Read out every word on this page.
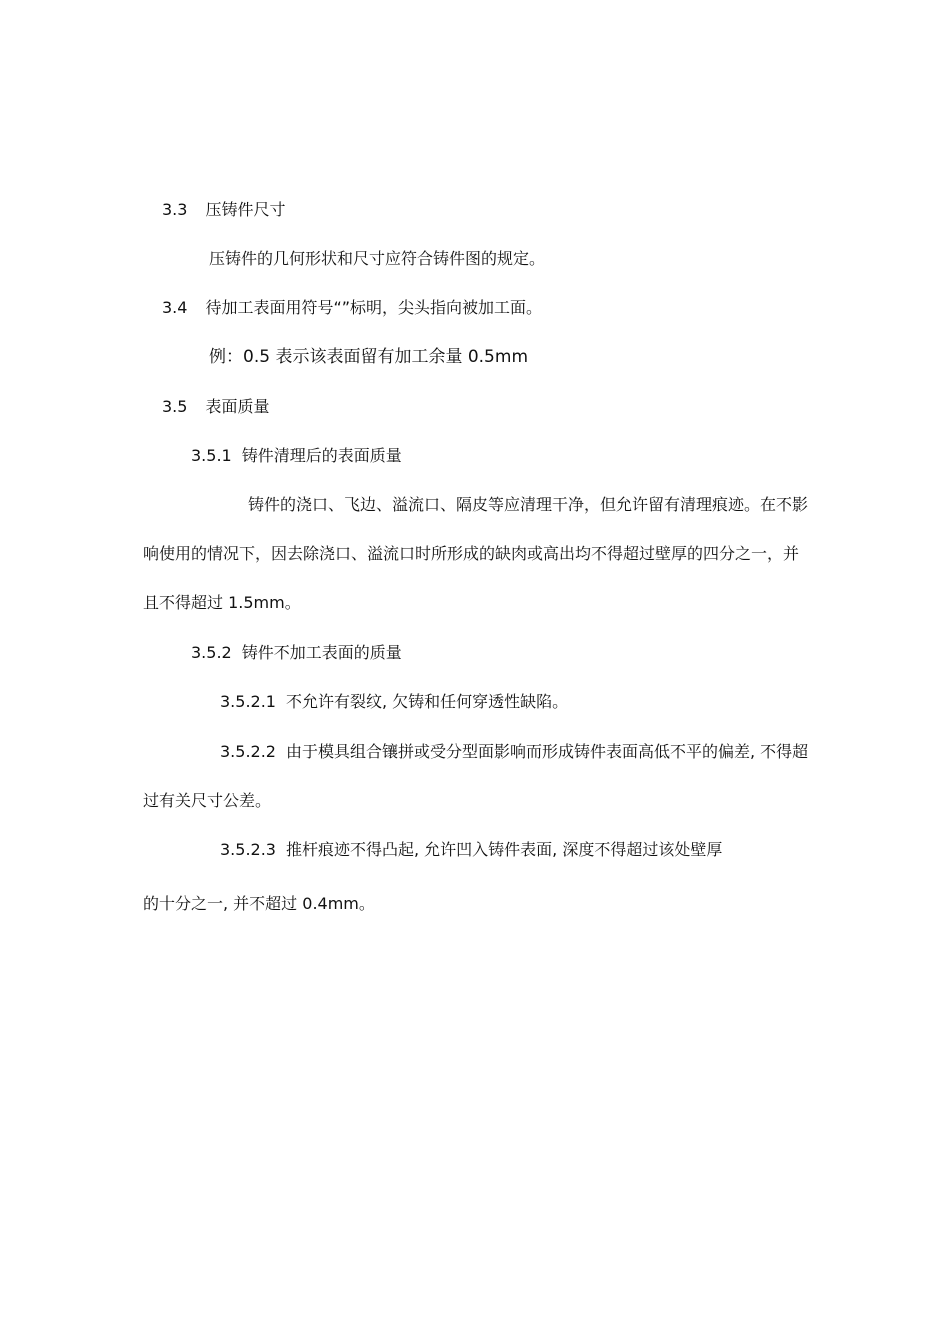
3.3 压铸件尺寸
压铸件的几何形状和尺寸应符合铸件图的规定。
3.4 待加工表面用符号“”标明，尖头指向被加工面。
例：0.5 表示该表面留有加工余量 0.5mm
3.5 表面质量
3.5.1 铸件清理后的表面质量
铸件的浇口、飞边、溢流口、隔皮等应清理干净，但允许留有清理痕迹。在不影
响使用的情况下，因去除浇口、溢流口时所形成的缺肉或高出均不得超过壁厚的四分之一，并
且不得超过 1.5mm。
3.5.2 铸件不加工表面的质量
3.5.2.1 不允许有裂纹, 欠铸和任何穿透性缺陷。
3.5.2.2 由于模具组合镶拼或受分型面影响而形成铸件表面高低不平的偏差, 不得超
过有关尺寸公差。
3.5.2.3 推杆痕迹不得凸起, 允许凹入铸件表面, 深度不得超过该处壁厚
的十分之一, 并不超过 0.4mm。
